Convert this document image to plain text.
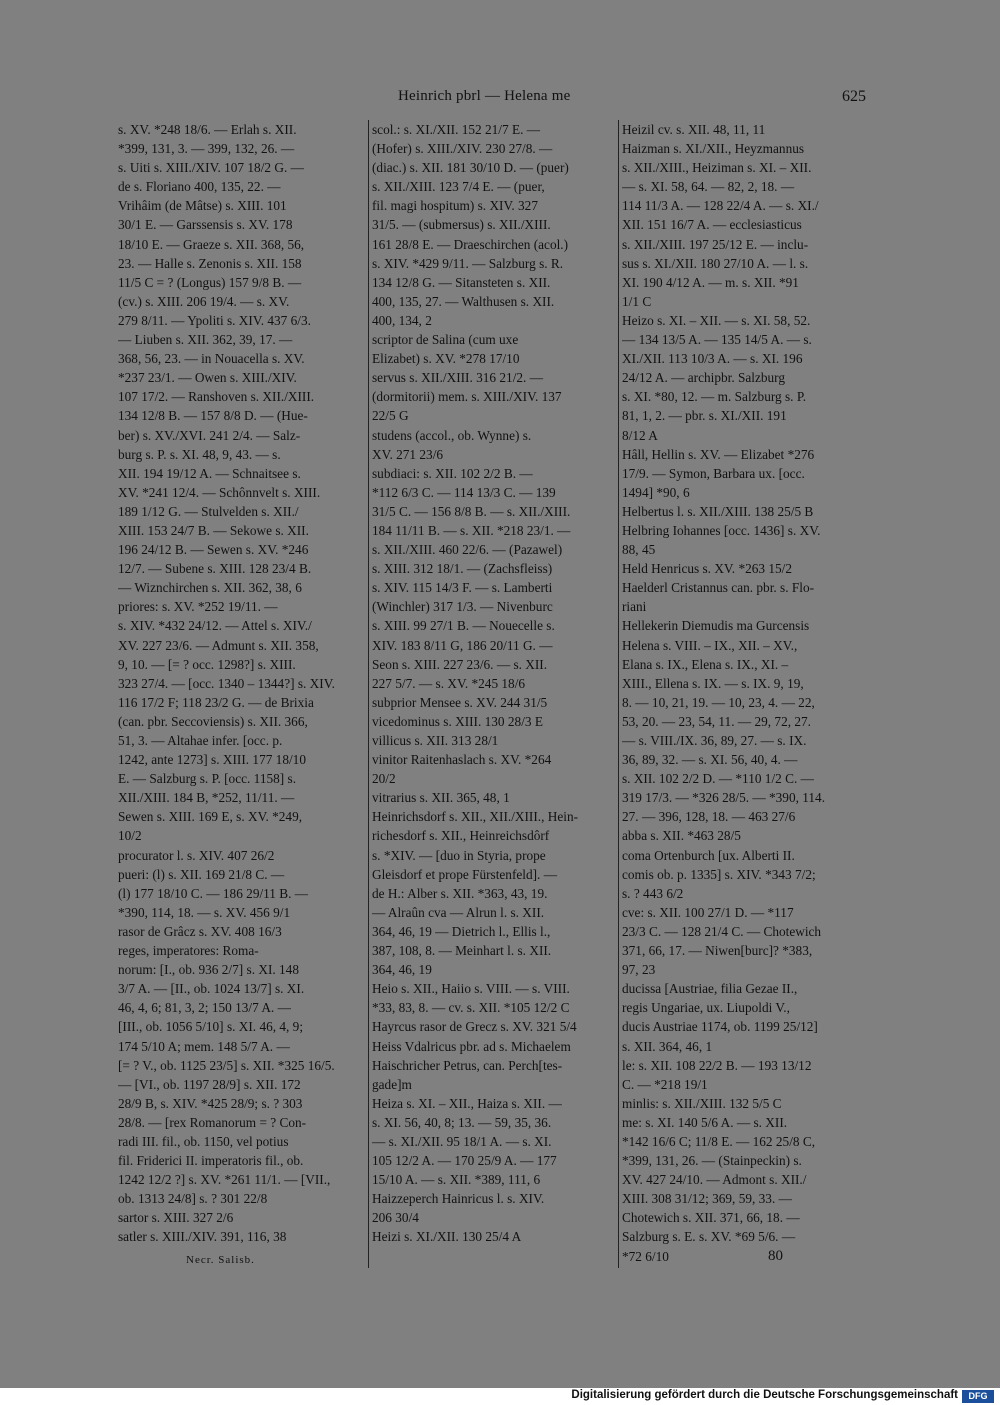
Heinrich pbrl — Helena me	625
s. XV. *248 18/6. — Erlah s. XII.
*399, 131, 3. — 399, 132, 26. —
s. Uiti s. XIII./XIV. 107 18/2 G. —
de s. Floriano 400, 135, 22. —
Vrihâim (de Mâtse) s. XIII. 101
30/1 E. — Garssensis s. XV. 178
18/10 E. — Graeze s. XII. 368, 56,
23. — Halle s. Zenonis s. XII. 158
11/5 C = ? (Longus) 157 9/8 B. —
(cv.) s. XIII. 206 19/4. — s. XV.
279 8/11. — Ypoliti s. XIV. 437 6/3.
— Liuben s. XII. 362, 39, 17. —
368, 56, 23. — in Nouacella s. XV.
*237 23/1. — Owen s. XIII./XIV.
107 17/2. — Ranshoven s. XII./XIII.
134 12/8 B. — 157 8/8 D. — (Hue-
ber) s. XV./XVI. 241 2/4. — Salz-
burg s. P. s. XI. 48, 9, 43. — s.
XII. 194 19/12 A. — Schnaitsee s.
XV. *241 12/4. — Schônnvelt s. XIII.
189 1/12 G. — Stulvelden s. XII./
XIII. 153 24/7 B. — Sekowe s. XII.
196 24/12 B. — Sewen s. XV. *246
12/7. — Subene s. XIII. 128 23/4 B.
— Wiznchirchen s. XII. 362, 38, 6
priores: s. XV. *252 19/11. —
s. XIV. *432 24/12. — Attel s. XIV./
XV. 227 23/6. — Admunt s. XII. 358,
9, 10. — [= ? occ. 1298?] s. XIII.
323 27/4. — [occ. 1340 – 1344?] s. XIV.
116 17/2 F; 118 23/2 G. — de Brixia
(can. pbr. Seccoviensis) s. XII. 366,
51, 3. — Altahae infer. [occ. p.
1242, ante 1273] s. XIII. 177 18/10
E. — Salzburg s. P. [occ. 1158] s.
XII./XIII. 184 B, *252, 11/11. —
Sewen s. XIII. 169 E, s. XV. *249,
10/2
procurator l. s. XIV. 407 26/2
pueri: (l) s. XII. 169 21/8 C. —
(l) 177 18/10 C. — 186 29/11 B. —
*390, 114, 18. — s. XV. 456 9/1
rasor de Grâcz s. XV. 408 16/3
reges, imperatores: Roma-
norum: [I., ob. 936 2/7] s. XI. 148
3/7 A. — [II., ob. 1024 13/7] s. XI.
46, 4, 6; 81, 3, 2; 150 13/7 A. —
[III., ob. 1056 5/10] s. XI. 46, 4, 9;
174 5/10 A; mem. 148 5/7 A. —
[= ? V., ob. 1125 23/5] s. XII. *325 16/5.
— [VI., ob. 1197 28/9] s. XII. 172
28/9 B, s. XIV. *425 28/9; s. ? 303
28/8. — [rex Romanorum = ? Con-
radi III. fil., ob. 1150, vel potius
fil. Friderici II. imperatoris fil., ob.
1242 12/2 ?] s. XV. *261 11/1. — [VII.,
ob. 1313 24/8] s. ? 301 22/8
sartor s. XIII. 327 2/6
satler s. XIII./XIV. 391, 116, 38
scol.: s. XI./XII. 152 21/7 E. —
(Hofer) s. XIII./XIV. 230 27/8. —
(diac.) s. XII. 181 30/10 D. — (puer)
s. XII./XIII. 123 7/4 E. — (puer,
fil. magi hospitum) s. XIV. 327
31/5. — (submersus) s. XII./XIII.
161 28/8 E. — Draeschirchen (acol.)
s. XIV. *429 9/11. — Salzburg s. R.
134 12/8 G. — Sitansteten s. XII.
400, 135, 27. — Walthusen s. XII.
400, 134, 2
scriptor de Salina (cum uxe
Elizabet) s. XV. *278 17/10
servus s. XII./XIII. 316 21/2. —
(dormitorii) mem. s. XIII./XIV. 137
22/5 G
studens (accol., ob. Wynne) s.
XV. 271 23/6
subdiaci: s. XII. 102 2/2 B. —
*112 6/3 C. — 114 13/3 C. — 139
31/5 C. — 156 8/8 B. — s. XII./XIII.
184 11/11 B. — s. XII. *218 23/1. —
s. XII./XIII. 460 22/6. — (Pazawel)
s. XIII. 312 18/1. — (Zachsfleiss)
s. XIV. 115 14/3 F. — s. Lamberti
(Winchler) 317 1/3. — Nivenburc
s. XIII. 99 27/1 B. — Nouecelle s.
XIV. 183 8/11 G, 186 20/11 G. —
Seon s. XIII. 227 23/6. — s. XII.
227 5/7. — s. XV. *245 18/6
subprior Mensee s. XV. 244 31/5
vicedominus s. XIII. 130 28/3 E
villicus s. XII. 313 28/1
vinitor Raitenhaslach s. XV. *264
20/2
vitrarius s. XII. 365, 48, 1
Heinrichsdorf s. XII., XII./XIII., Hein-
richesdorf s. XII., Heinreichsdôrf
s. *XIV. — [duo in Styria, prope
Gleisdorf et prope Fürstenfeld]. —
de H.: Alber s. XII. *363, 43, 19.
— Alraûn cva — Alrun l. s. XII.
364, 46, 19 — Dietrich l., Ellis l.,
387, 108, 8. — Meinhart l. s. XII.
364, 46, 19
Heio s. XII., Haiio s. VIII. — s. VIII.
*33, 83, 8. — cv. s. XII. *105 12/2 C
Hayrcus rasor de Grecz s. XV. 321 5/4
Heiss Vdalricus pbr. ad s. Michaelem
Haischricher Petrus, can. Perch[tes-
gade]m
Heiza s. XI. – XII., Haiza s. XII. —
s. XI. 56, 40, 8; 13. — 59, 35, 36.
— s. XI./XII. 95 18/1 A. — s. XI.
105 12/2 A. — 170 25/9 A. — 177
15/10 A. — s. XII. *389, 111, 6
Haizzeperch Hainricus l. s. XIV.
206 30/4
Heizi s. XI./XII. 130 25/4 A
Heizil cv. s. XII. 48, 11, 11
Haizman s. XI./XII., Heyzmannus
s. XII./XIII., Heiziman s. XI. – XII.
— s. XI. 58, 64. — 82, 2, 18. —
114 11/3 A. — 128 22/4 A. — s. XI./
XII. 151 16/7 A. — ecclesiasticus
s. XII./XIII. 197 25/12 E. — inclu-
sus s. XI./XII. 180 27/10 A. — l. s.
XI. 190 4/12 A. — m. s. XII. *91
1/1 C
Heizo s. XI. – XII. — s. XI. 58, 52.
— 134 13/5 A. — 135 14/5 A. — s.
XI./XII. 113 10/3 A. — s. XI. 196
24/12 A. — archipbr. Salzburg
s. XI. *80, 12. — m. Salzburg s. P.
81, 1, 2. — pbr. s. XI./XII. 191
8/12 A
Hâll, Hellin s. XV. — Elizabet *276
17/9. — Symon, Barbara ux. [occ.
1494] *90, 6
Helbertus l. s. XII./XIII. 138 25/5 B
Helbring Iohannes [occ. 1436] s. XV.
88, 45
Held Henricus s. XV. *263 15/2
Haelderl Cristannus can. pbr. s. Flo-
riani
Hellekerin Diemudis ma Gurcensis
Helena s. VIII. – IX., XII. – XV.,
Elana s. IX., Elena s. IX., XI. –
XIII., Ellena s. IX. — s. IX. 9, 19,
8. — 10, 21, 19. — 10, 23, 4. — 22,
53, 20. — 23, 54, 11. — 29, 72, 27.
— s. VIII./IX. 36, 89, 27. — s. IX.
36, 89, 32. — s. XI. 56, 40, 4. —
s. XII. 102 2/2 D. — *110 1/2 C. —
319 17/3. — *326 28/5. — *390, 114.
27. — 396, 128, 18. — 463 27/6
abba s. XII. *463 28/5
coma Ortenburch [ux. Alberti II.
comis ob. p. 1335] s. XIV. *343 7/2;
s. ? 443 6/2
cve: s. XII. 100 27/1 D. — *117
23/3 C. — 128 21/4 C. — Chotewich
371, 66, 17. — Niwen[burc]? *383,
97, 23
ducissa [Austriae, filia Gezae II.,
regis Ungariae, ux. Liupoldi V.,
ducis Austriae 1174, ob. 1199 25/12]
s. XII. 364, 46, 1
le: s. XII. 108 22/2 B. — 193 13/12
C. — *218 19/1
minlis: s. XII./XIII. 132 5/5 C
me: s. XI. 140 5/6 A. — s. XII.
*142 16/6 C; 11/8 E. — 162 25/8 C,
*399, 131, 26. — (Stainpeckin) s.
XV. 427 24/10. — Admont s. XII./
XIII. 308 31/12; 369, 59, 33. —
Chotewich s. XII. 371, 66, 18. —
Salzburg s. E. s. XV. *69 5/6. —
*72 6/10
Necr. Salisb.	80
Digitalisierung gefördert durch die Deutsche Forschungsgemeinschaft	DFG
